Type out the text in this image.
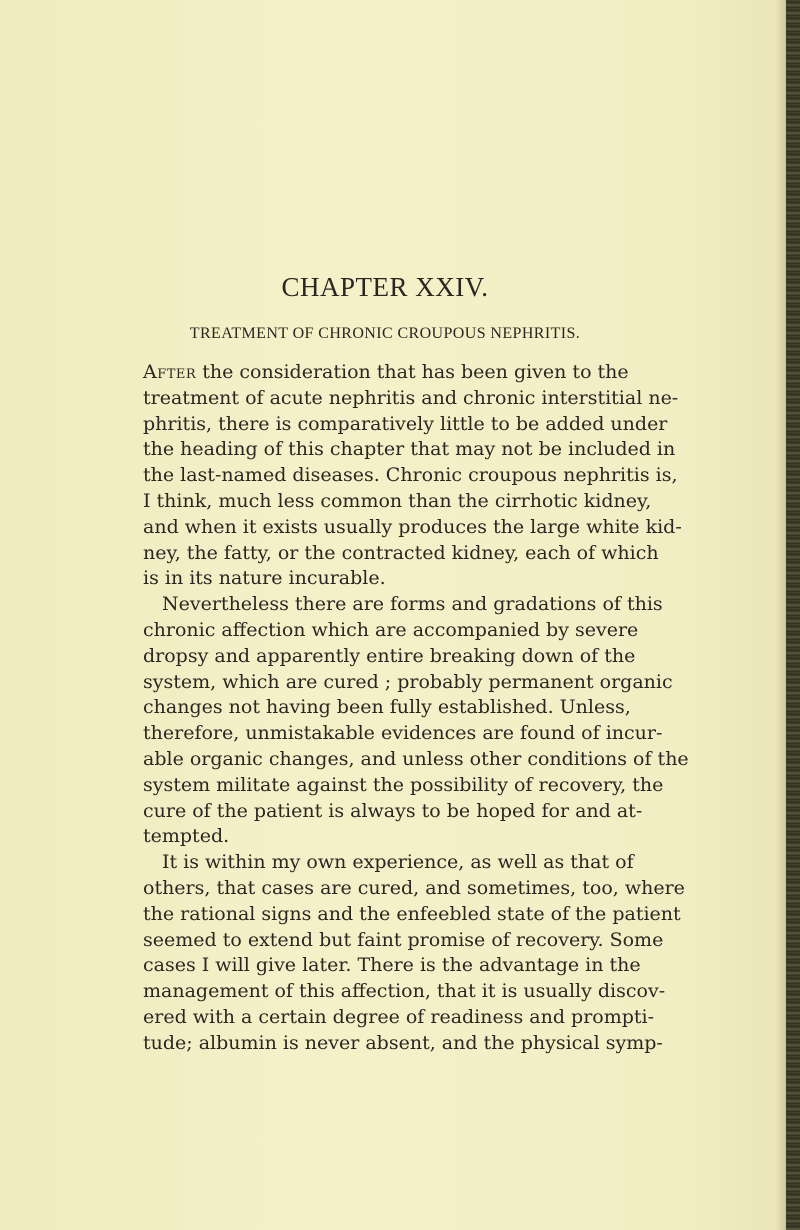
CHAPTER XXIV.
TREATMENT OF CHRONIC CROUPOUS NEPHRITIS.
After the consideration that has been given to the
treatment of acute nephritis and chronic interstitial ne-
phritis, there is comparatively little to be added under
the heading of this chapter that may not be included in
the last-named diseases. Chronic croupous nephritis is,
I think, much less common than the cirrhotic kidney,
and when it exists usually produces the large white kid-
ney, the fatty, or the contracted kidney, each of which
is in its nature incurable.
Nevertheless there are forms and gradations of this
chronic affection which are accompanied by severe
dropsy and apparently entire breaking down of the
system, which are cured ; probably permanent organic
changes not having been fully established. Unless,
therefore, unmistakable evidences are found of incur-
able organic changes, and unless other conditions of the
system militate against the possibility of recovery, the
cure of the patient is always to be hoped for and at-
tempted.
It is within my own experience, as well as that of
others, that cases are cured, and sometimes, too, where
the rational signs and the enfeebled state of the patient
seemed to extend but faint promise of recovery. Some
cases I will give later. There is the advantage in the
management of this affection, that it is usually discov-
ered with a certain degree of readiness and prompti-
tude; albumin is never absent, and the physical symp-
